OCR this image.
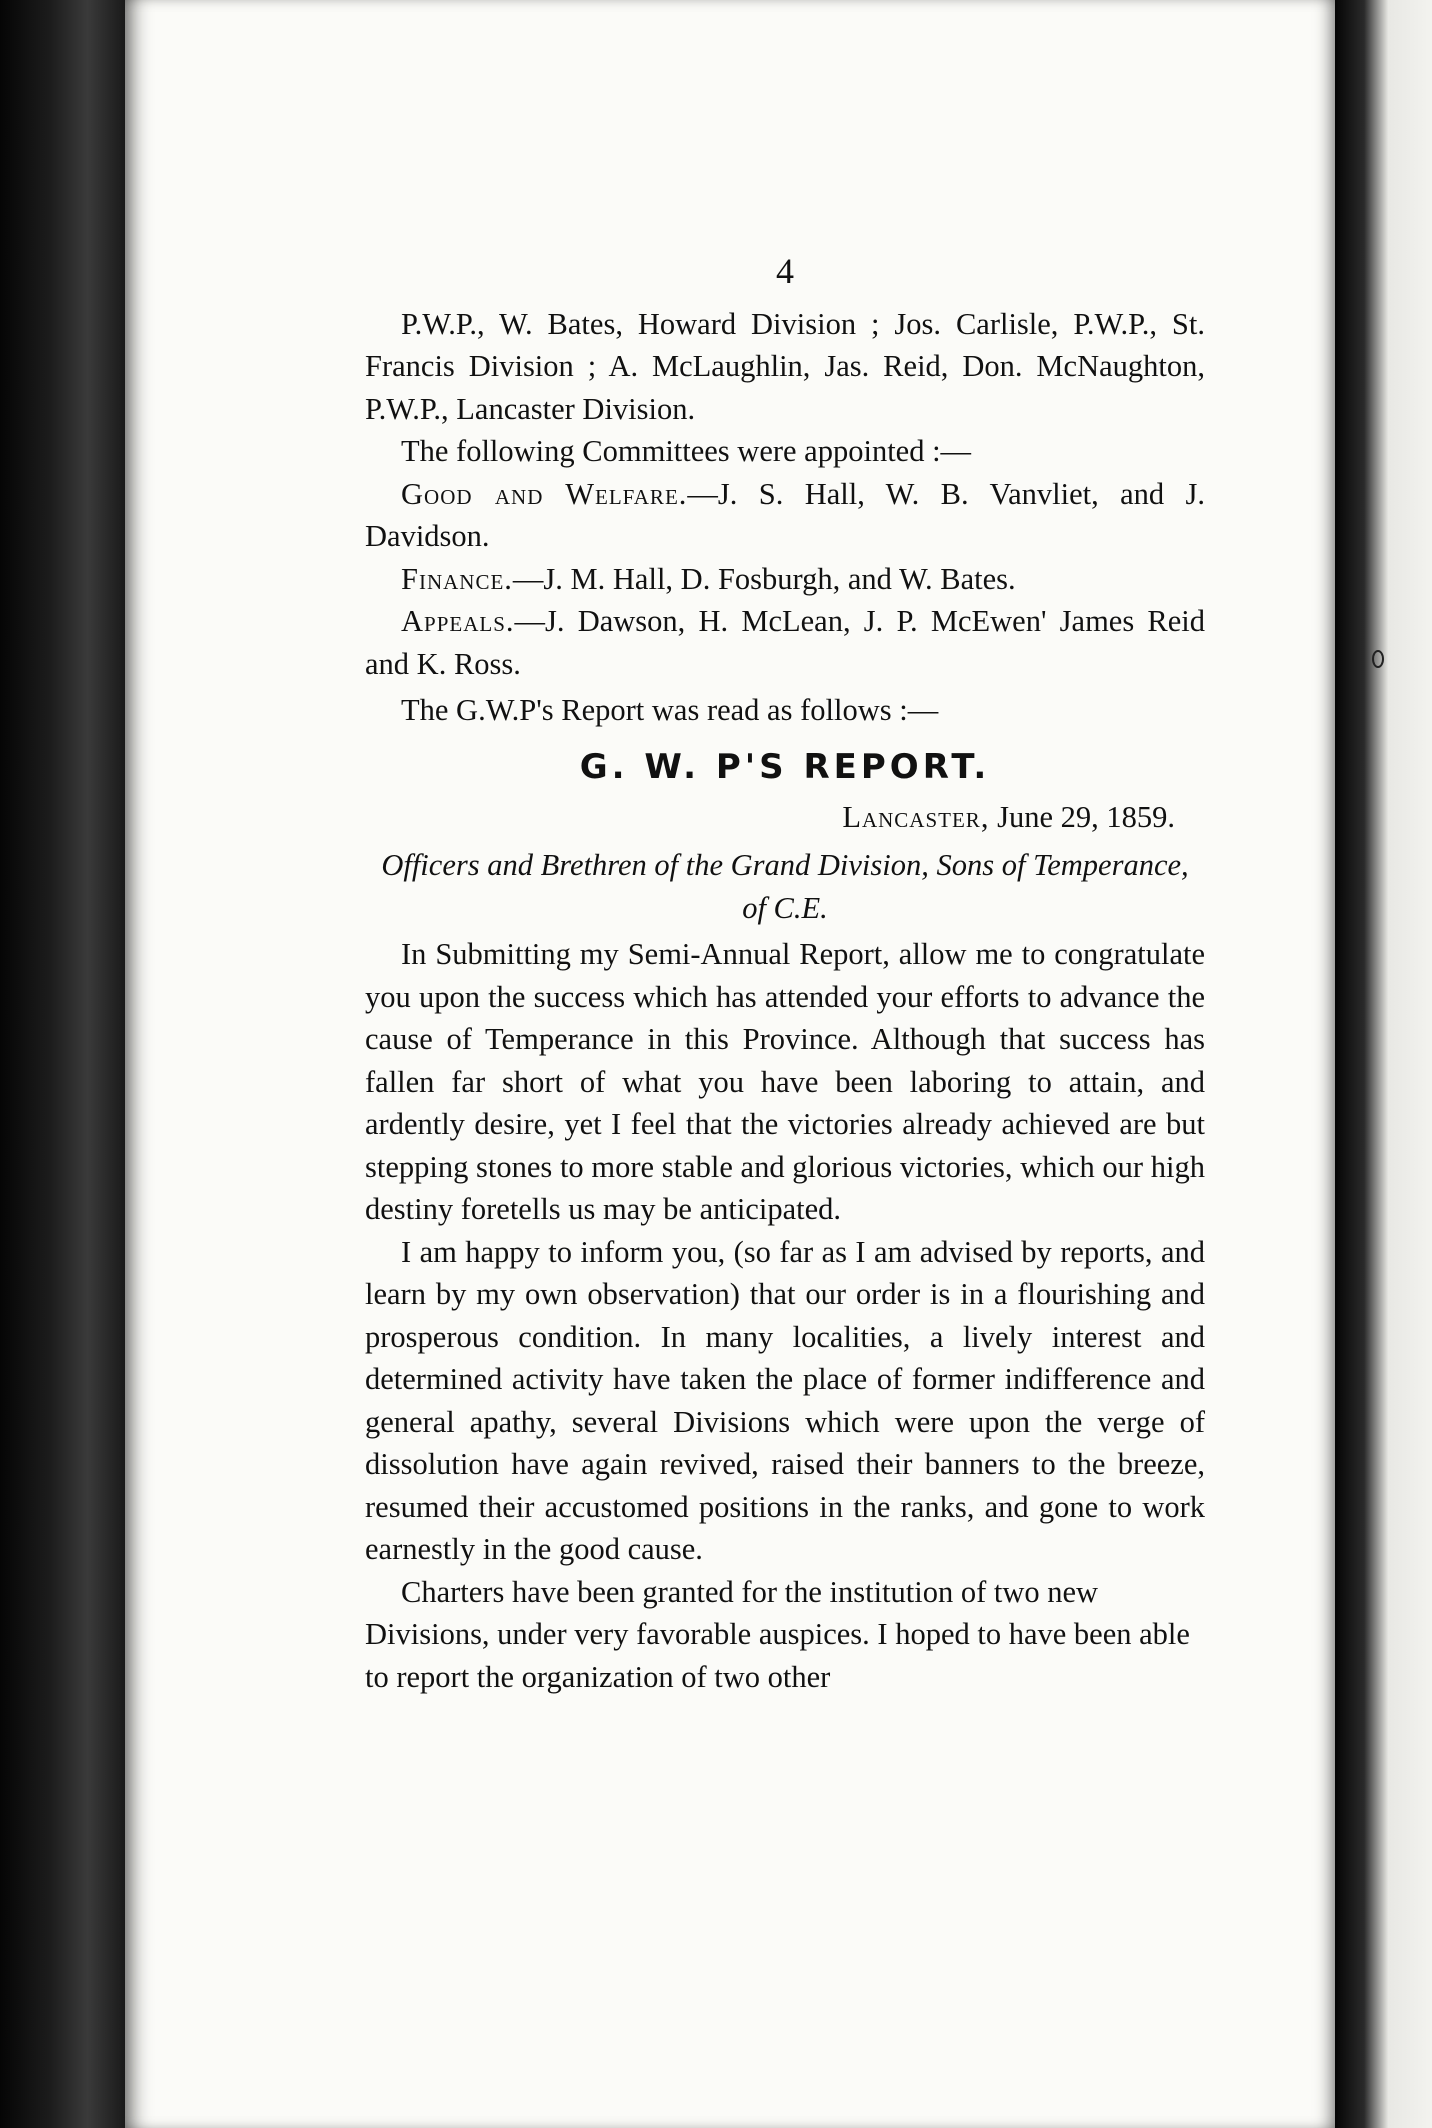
4

P.W.P., W. Bates, Howard Division ; Jos. Carlisle, P.W.P., St. Francis Division ; A. McLaughlin, Jas. Reid, Don. McNaughton, P.W.P., Lancaster Division.

The following Committees were appointed :—

Good and Welfare.—J. S. Hall, W. B. Vanvliet, and J. Davidson.

Finance.—J. M. Hall, D. Fosburgh, and W. Bates.

Appeals.—J. Dawson, H. McLean, J. P. McEwen' James Reid and K. Ross.

The G.W.P's Report was read as follows :—

G. W. P'S REPORT.
Lancaster, June 29, 1859.
Officers and Brethren of the Grand Division, Sons of Temperance, of C.E.

In Submitting my Semi-Annual Report, allow me to congratulate you upon the success which has attended your efforts to advance the cause of Temperance in this Province. Although that success has fallen far short of what you have been laboring to attain, and ardently desire, yet I feel that the victories already achieved are but stepping stones to more stable and glorious victories, which our high destiny foretells us may be anticipated.

I am happy to inform you, (so far as I am advised by reports, and learn by my own observation) that our order is in a flourishing and prosperous condition. In many localities, a lively interest and determined activity have taken the place of former indifference and general apathy, several Divisions which were upon the verge of dissolution have again revived, raised their banners to the breeze, resumed their accustomed positions in the ranks, and gone to work earnestly in the good cause.

Charters have been granted for the institution of two new Divisions, under very favorable auspices. I hoped to have been able to report the organization of two other
